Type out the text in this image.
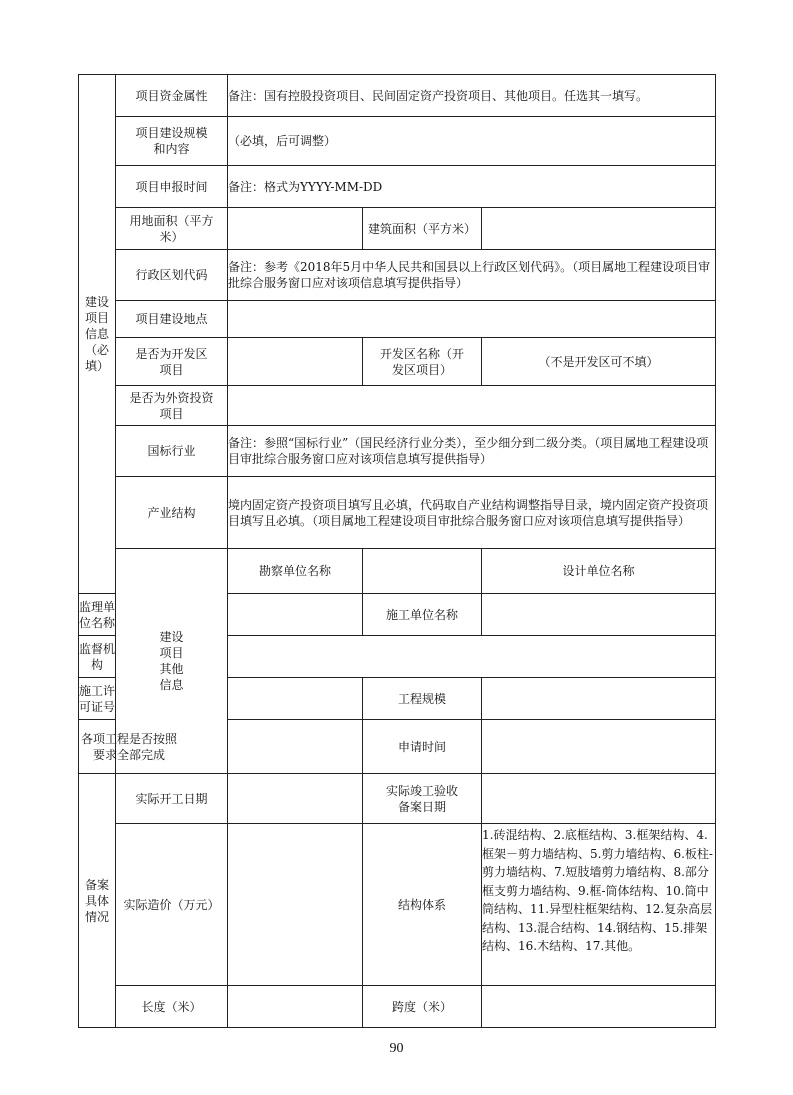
建设项目信息（必填）	项目资金属性	备注：国有控股投资项目、民间固定资产投资项目、其他项目。任选其一填写。			
	项目建设规模和内容	（必填，后可调整）			
	项目申报时间	备注：格式为YYYY-MM-DD			
	用地面积（平方米）		建筑面积（平方米）		
	行政区划代码	备注：参考《2018年5月中华人民共和国县以上行政区划代码》。（项目属地工程建设项目审批综合服务窗口应对该项信息填写提供指导）			
	项目建设地点				
	是否为开发区项目		开发区名称（开发区项目）	（不是开发区可不填）	
	是否为外资投资项目				
	国标行业	备注：参照“国标行业”（国民经济行业分类），至少细分到二级分类。（项目属地工程建设项目审批综合服务窗口应对该项信息填写提供指导）			
	产业结构	境内固定资产投资项目填写且必填，代码取自产业结构调整指导目录，境内固定资产投资项目填写且必填。（项目属地工程建设项目审批综合服务窗口应对该项信息填写提供指导）			
	建设项目其他信息	勘察单位名称		设计单位名称	
监理单位名称			施工单位名称		
监督机构					
施工许可证号			工程规模		
各项工程是否按照要求全部完成			申请时间		
备案具体情况	实际开工日期		实际竣工验收备案日期		
	实际造价（万元）		结构体系	1.砖混结构、2.底框结构、3.框架结构、4.框架－剪力墙结构、5.剪力墙结构、6.板柱-剪力墙结构、7.短肢墙剪力墙结构、8.部分框支剪力墙结构、9.框-筒体结构、10.筒中筒结构、11.异型柱框架结构、12.复杂高层结构、13.混合结构、14.钢结构、15.排架结构、16.木结构、17.其他。	
	长度（米）		跨度（米）		
90
